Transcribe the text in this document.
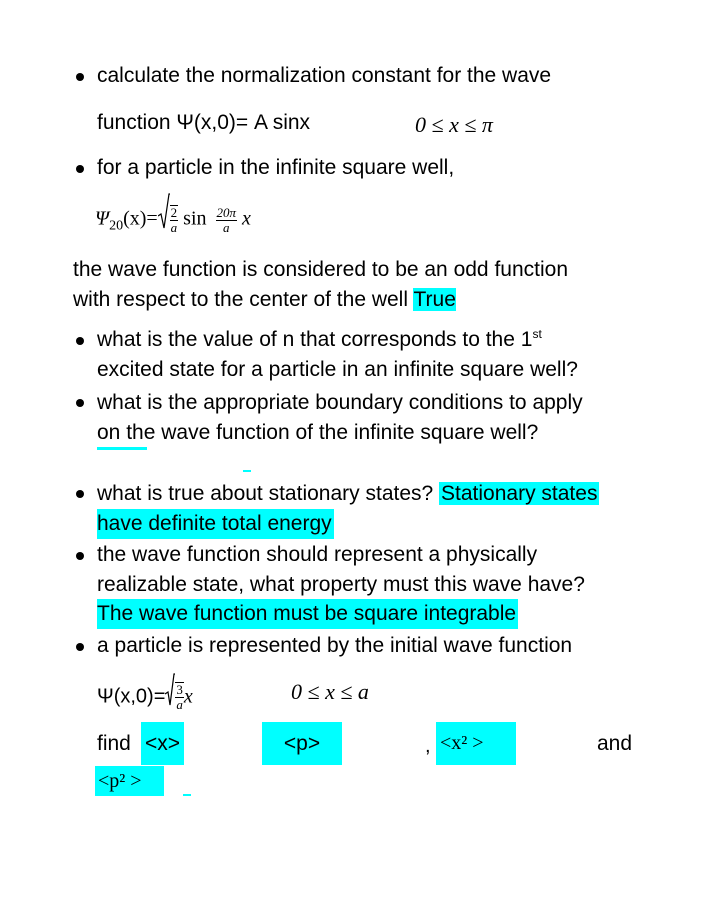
calculate the normalization constant for the wave
function Ψ(x,0)= A sinx	0 ≤ x ≤ π
for a particle in the infinite square well,
$\Psi_{20}(x)= \frac{2}{a}$ $\sin \frac{20\pi}{a}$ x
the wave function is considered to be an odd function
with respect to the center of the well True
what is the value of n that corresponds to the 1st
excited state for a particle in an infinite square well?
what is the appropriate boundary conditions to apply
on the wave function of the infinite square well?
what is true about stationary states? Stationary states
have definite total energy
the wave function should represent a physically
realizable state, what property must this wave have?
The wave function must be square integrable
a particle is represented by the initial wave function
$\Psi(x,0)= \frac{3}{a}$ x	0 ≤ x ≤ a
find <x>	<p>	, <x² >	and
<p² >
